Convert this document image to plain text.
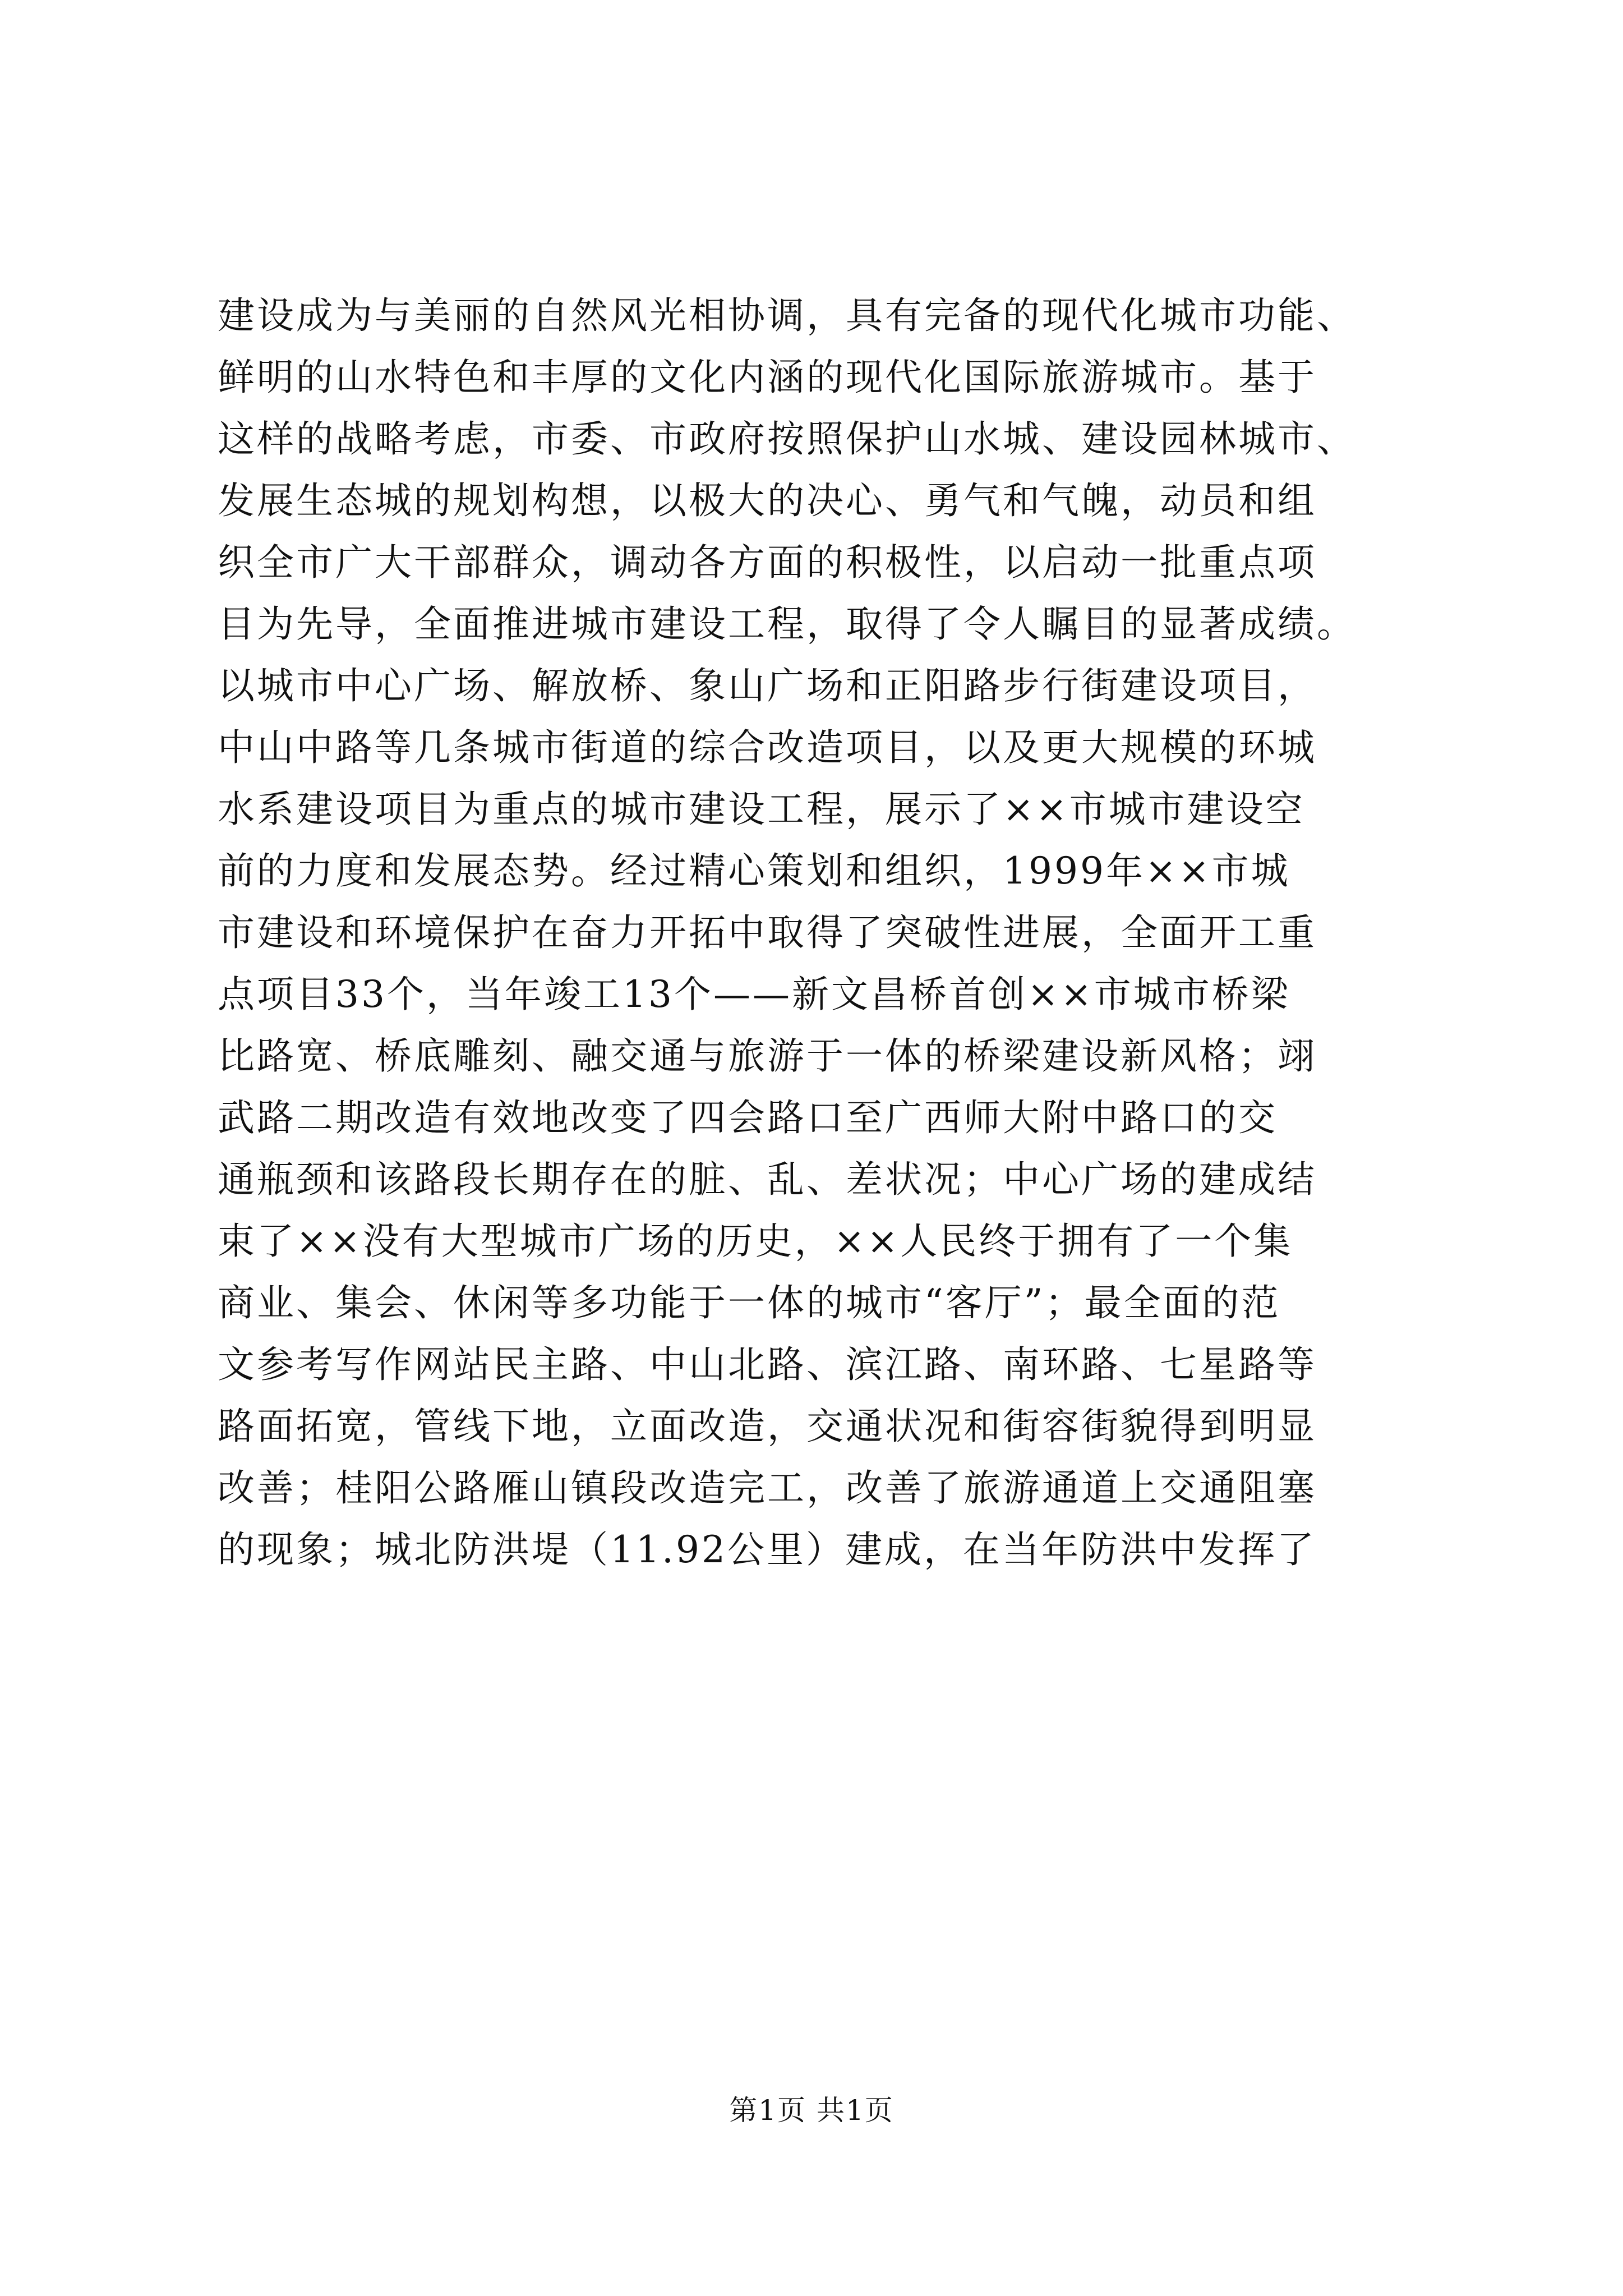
建设成为与美丽的自然风光相协调，具有完备的现代化城市功能、
鲜明的山水特色和丰厚的文化内涵的现代化国际旅游城市。基于
这样的战略考虑，市委、市政府按照保护山水城、建设园林城市、
发展生态城的规划构想，以极大的决心、勇气和气魄，动员和组
织全市广大干部群众，调动各方面的积极性，以启动一批重点项
目为先导，全面推进城市建设工程，取得了令人瞩目的显著成绩。
以城市中心广场、解放桥、象山广场和正阳路步行街建设项目，
中山中路等几条城市街道的综合改造项目，以及更大规模的环城
水系建设项目为重点的城市建设工程，展示了××市城市建设空
前的力度和发展态势。经过精心策划和组织，1999年××市城
市建设和环境保护在奋力开拓中取得了突破性进展，全面开工重
点项目33个，当年竣工13个——新文昌桥首创××市城市桥梁
比路宽、桥底雕刻、融交通与旅游于一体的桥梁建设新风格；翊
武路二期改造有效地改变了四会路口至广西师大附中路口的交
通瓶颈和该路段长期存在的脏、乱、差状况；中心广场的建成结
束了××没有大型城市广场的历史，××人民终于拥有了一个集
商业、集会、休闲等多功能于一体的城市“客厅”；最全面的范
文参考写作网站民主路、中山北路、滨江路、南环路、七星路等
路面拓宽，管线下地，立面改造，交通状况和街容街貌得到明显
改善；桂阳公路雁山镇段改造完工，改善了旅游通道上交通阻塞
的现象；城北防洪堤（11.92公里）建成，在当年防洪中发挥了
第1页 共1页
